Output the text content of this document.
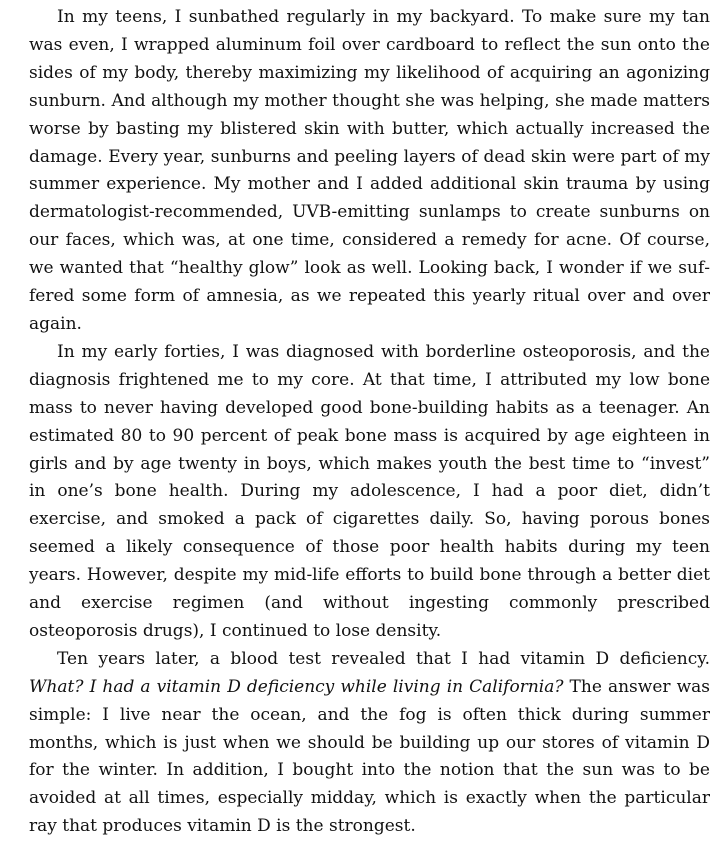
In my teens, I sunbathed regularly in my backyard. To make sure my tan was even, I wrapped aluminum foil over cardboard to reflect the sun onto the sides of my body, thereby maximizing my likelihood of acquiring an agonizing sunburn. And although my mother thought she was helping, she made matters worse by basting my blistered skin with butter, which actually increased the damage. Every year, sunburns and peeling layers of dead skin were part of my summer experience. My mother and I added additional skin trauma by using dermatologist-recommended, UVB-emitting sunlamps to create sunburns on our faces, which was, at one time, considered a remedy for acne. Of course, we wanted that “healthy glow” look as well. Looking back, I wonder if we suffered some form of amnesia, as we repeated this yearly ritual over and over again.

In my early forties, I was diagnosed with borderline osteoporosis, and the diagnosis frightened me to my core. At that time, I attributed my low bone mass to never having developed good bone-building habits as a teenager. An estimated 80 to 90 percent of peak bone mass is acquired by age eighteen in girls and by age twenty in boys, which makes youth the best time to “invest” in one’s bone health. During my adolescence, I had a poor diet, didn’t exercise, and smoked a pack of cigarettes daily. So, having porous bones seemed a likely consequence of those poor health habits during my teen years. However, despite my mid-life efforts to build bone through a better diet and exercise regimen (and without ingesting commonly prescribed osteoporosis drugs), I continued to lose density.

Ten years later, a blood test revealed that I had vitamin D deficiency. What? I had a vitamin D deficiency while living in California? The answer was simple: I live near the ocean, and the fog is often thick during summer months, which is just when we should be building up our stores of vitamin D for the winter. In addition, I bought into the notion that the sun was to be avoided at all times, especially midday, which is exactly when the particular ray that produces vitamin D is the strongest.
